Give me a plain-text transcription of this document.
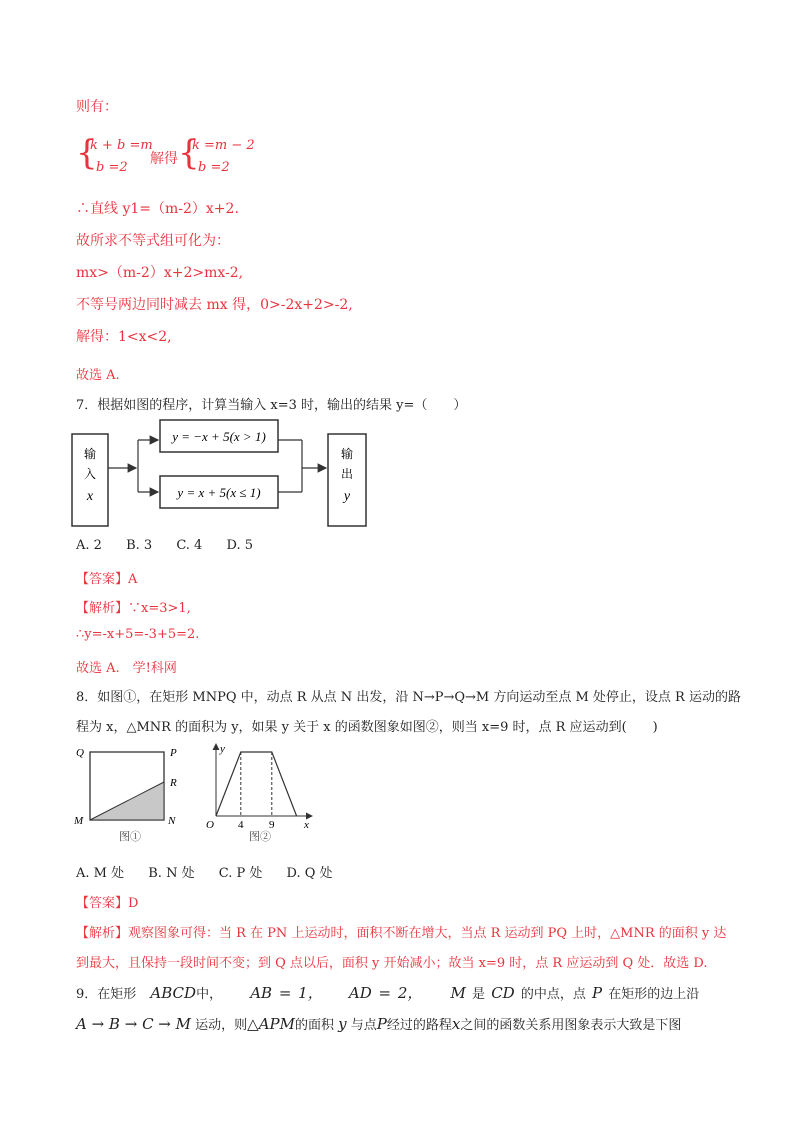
则有：
{
k + b =m
b =2
解得 {
k =m − 2
b =2
∴直线 y1=（m-2）x+2.
故所求不等式组可化为：
mx>（m-2）x+2>mx-2,
不等号两边同时减去 mx 得，0>-2x+2>-2,
解得：1<x<2,
故选 A.
7．根据如图的程序，计算当输入 x=3 时，输出的结果 y=（　　）
输
入
x
y = −x + 5(x > 1)
y = x + 5(x ≤ 1)
输
出
y
A. 2 B. 3 C. 4 D. 5
【答案】A
【解析】∵x=3>1,
∴y=-x+5=-3+5=2.
故选 A.　学!科网
8．如图①，在矩形 MNPQ 中，动点 R 从点 N 出发，沿 N→P→Q→M 方向运动至点 M 处停止，设点 R 运动的路
程为 x，△MNR 的面积为 y，如果 y 关于 x 的函数图象如图②，则当 x=9 时，点 R 应运动到(　　)
Q	P
R
M	N
图①
y
O 4 9	x
图②
A. M 处 B. N 处 C. P 处 D. Q 处
【答案】D
【解析】观察图象可得：当 R 在 PN 上运动时，面积不断在增大，当点 R 运动到 PQ 上时，△MNR 的面积 y 达
到最大，且保持一段时间不变；到 Q 点以后，面积 y 开始减小；故当 x=9 时，点 R 应运动到 Q 处．故选 D.
9．在矩形 ABCD中， AB = 1， AD = 2， M 是 CD 的中点，点 P 在矩形的边上沿
A → B → C → M 运动，则△APM的面积 y 与点P经过的路程x之间的函数关系用图象表示大致是下图
